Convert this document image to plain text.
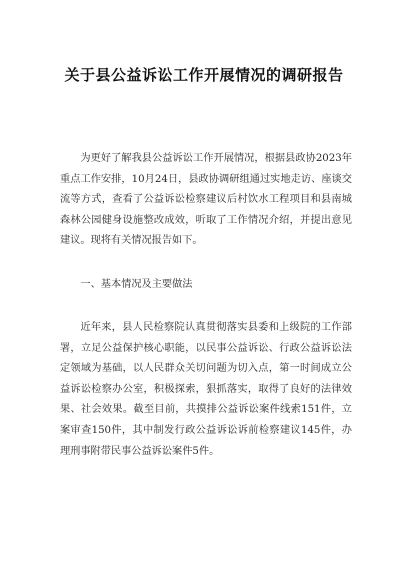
关于县公益诉讼工作开展情况的调研报告

为更好了解我县公益诉讼工作开展情况，根据县政协2023年重点工作安排，10月24日，县政协调研组通过实地走访、座谈交流等方式，查看了公益诉讼检察建议后村饮水工程项目和县南城森林公园健身设施整改成效，听取了工作情况介绍，并提出意见建议。现将有关情况报告如下。

一、基本情况及主要做法

近年来，县人民检察院认真贯彻落实县委和上级院的工作部署，立足公益保护核心职能，以民事公益诉讼、行政公益诉讼法定领域为基础，以人民群众关切问题为切入点，第一时间成立公益诉讼检察办公室，积极探索，狠抓落实，取得了良好的法律效果、社会效果。截至目前，共摸排公益诉讼案件线索151件，立案审查150件，其中制发行政公益诉讼诉前检察建议145件，办理刑事附带民事公益诉讼案件5件。
